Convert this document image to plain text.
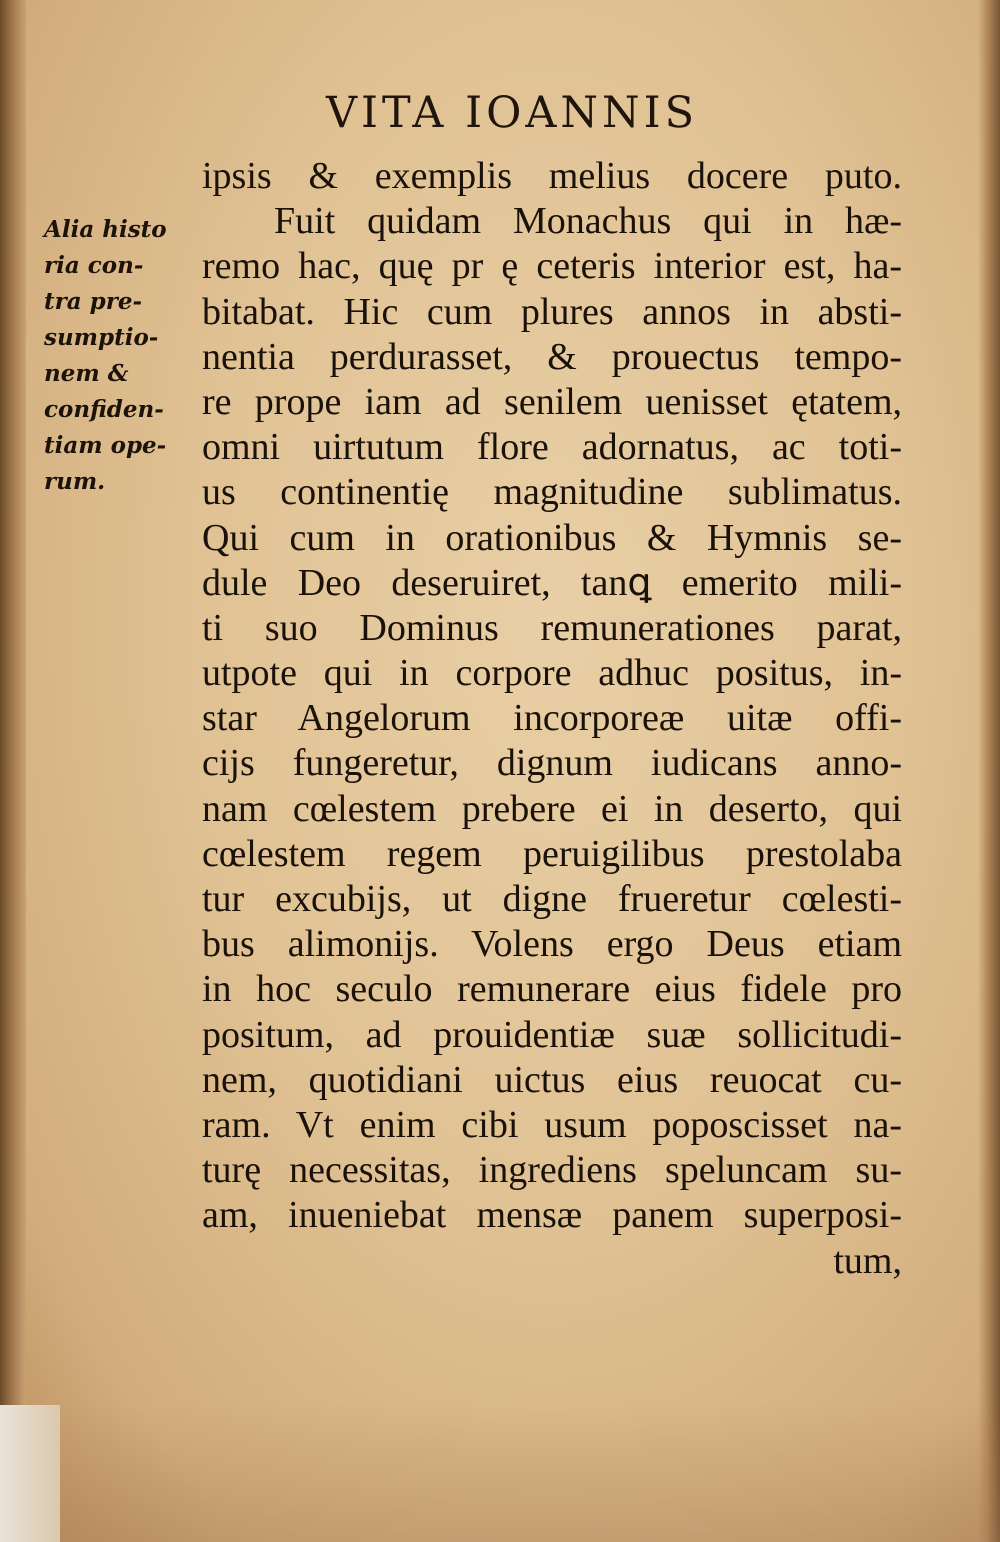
VITA IOANNIS
Alia histo
ria con-
tra pre-
sumptio-
nem &
confiden-
tiam ope-
rum.
ipsis & exemplis melius docere puto.
Fuit quidam Monachus qui in hæ-
remo hac, quę pr ę ceteris interior est, ha-
bitabat. Hic cum plures annos in absti-
nentia perdurasset, & prouectus tempo-
re prope iam ad senilem uenisset ętatem,
omni uirtutum flore adornatus, ac toti-
us continentię magnitudine sublimatus.
Qui cum in orationibus & Hymnis se-
dule Deo deseruiret, tanꝗ emerito mili-
ti suo Dominus remunerationes parat,
utpote qui in corpore adhuc positus, in-
star Angelorum incorporeæ uitæ offi-
cijs fungeretur, dignum iudicans anno-
nam cœlestem prebere ei in deserto, qui
cœlestem regem peruigilibus prestolaba
tur excubijs, ut digne frueretur cœlesti-
bus alimonijs. Volens ergo Deus etiam
in hoc seculo remunerare eius fidele pro
positum, ad prouidentiæ suæ sollicitudi-
nem, quotidiani uictus eius reuocat cu-
ram. Vt enim cibi usum poposcisset na-
turę necessitas, ingrediens speluncam su-
am, inueniebat mensæ panem superposi-
tum,
